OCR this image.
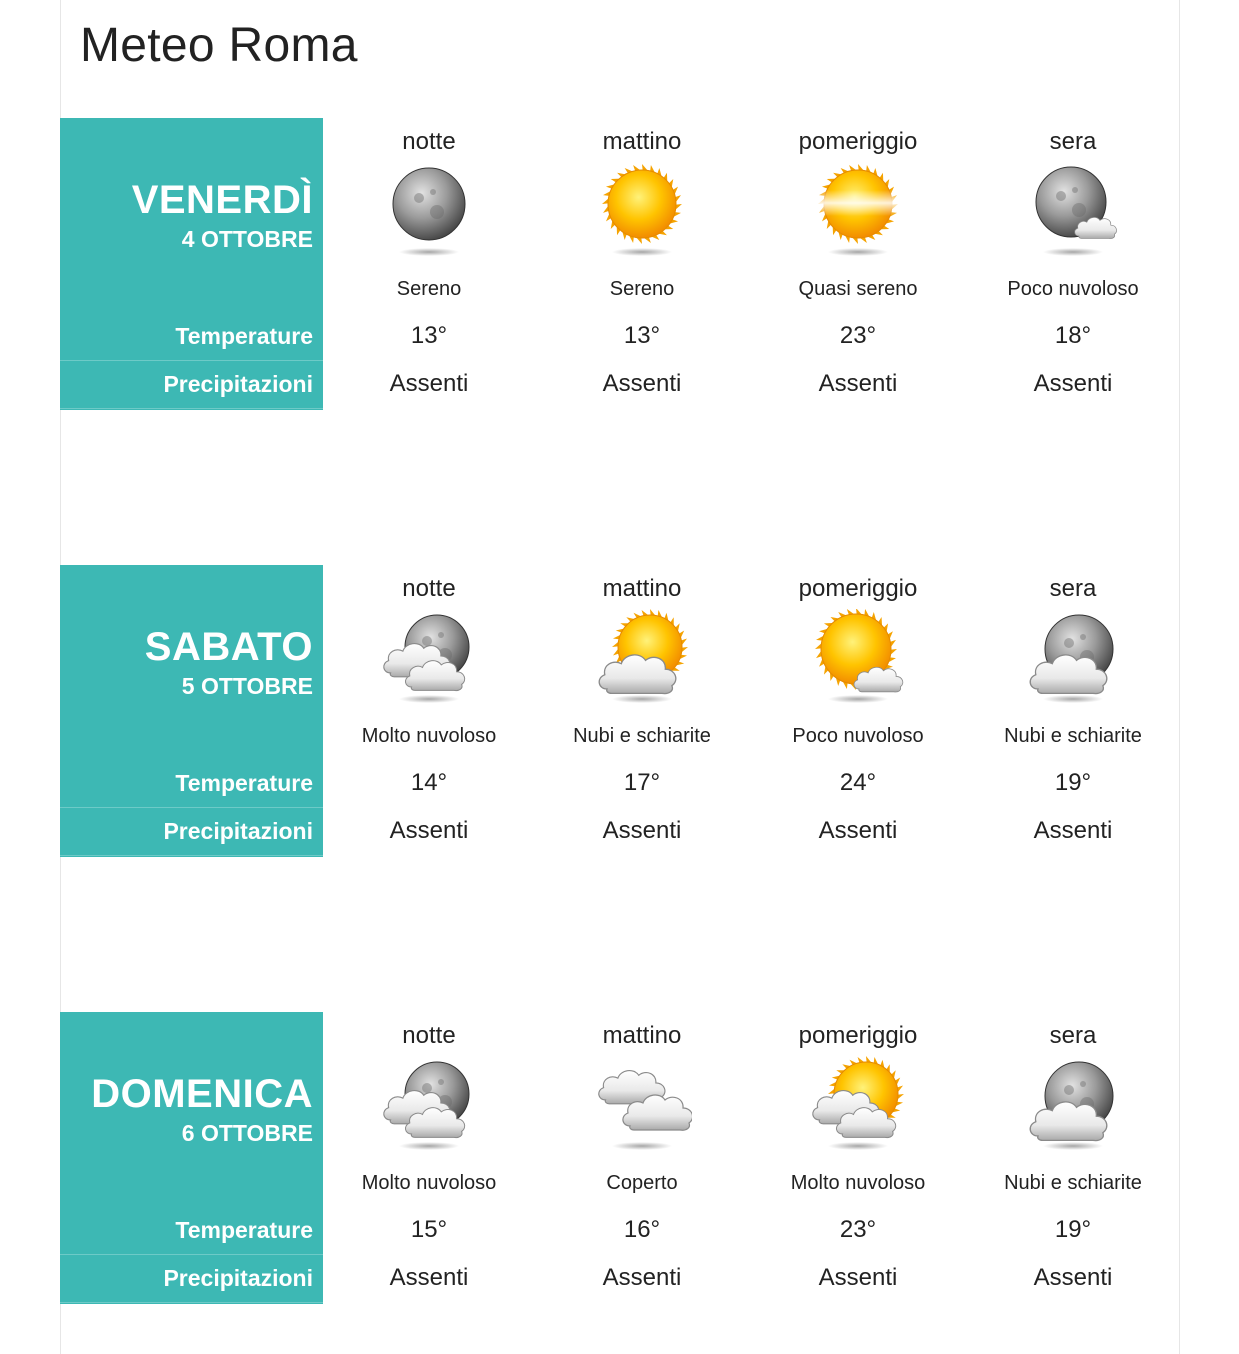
Meteo Roma
VENERDÌ
4 OTTOBRE
Temperature
Precipitazioni
notte
Sereno
13°
Assenti
mattino
Sereno
13°
Assenti
pomeriggio
Quasi sereno
23°
Assenti
sera
Poco nuvoloso
18°
Assenti
SABATO
5 OTTOBRE
Temperature
Precipitazioni
notte
Molto nuvoloso
14°
Assenti
mattino
Nubi e schiarite
17°
Assenti
pomeriggio
Poco nuvoloso
24°
Assenti
sera
Nubi e schiarite
19°
Assenti
DOMENICA
6 OTTOBRE
Temperature
Precipitazioni
notte
Molto nuvoloso
15°
Assenti
mattino
Coperto
16°
Assenti
pomeriggio
Molto nuvoloso
23°
Assenti
sera
Nubi e schiarite
19°
Assenti
